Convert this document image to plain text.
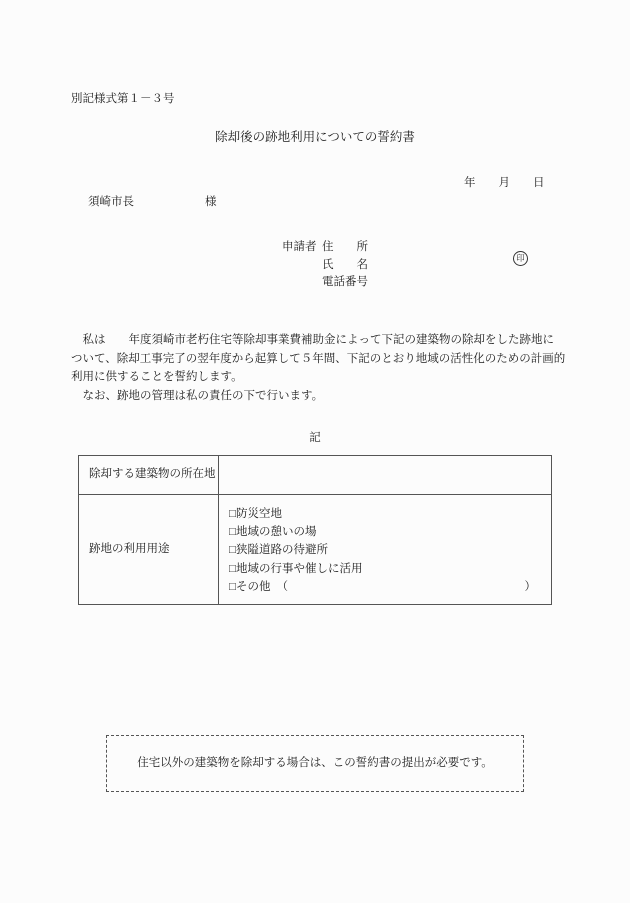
別記様式第１－３号
除却後の跡地利用についての誓約書
年　　月　　日
須崎市長	様
申請者 住　　所
氏　　名
電話番号
印
　私は　　年度須崎市老朽住宅等除却事業費補助金によって下記の建築物の除却をした跡地に
ついて、除却工事完了の翌年度から起算して５年間、下記のとおり地域の活性化のための計画的
利用に供することを誓約します。
　なお、跡地の管理は私の責任の下で行います。
記
除却する建築物の所在地
跡地の利用用途
□防災空地
□地域の憩いの場
□狭隘道路の待避所
□地域の行事や催しに活用
□ その他 （	）
住宅以外の建築物を除却する場合は、この誓約書の提出が必要です。
